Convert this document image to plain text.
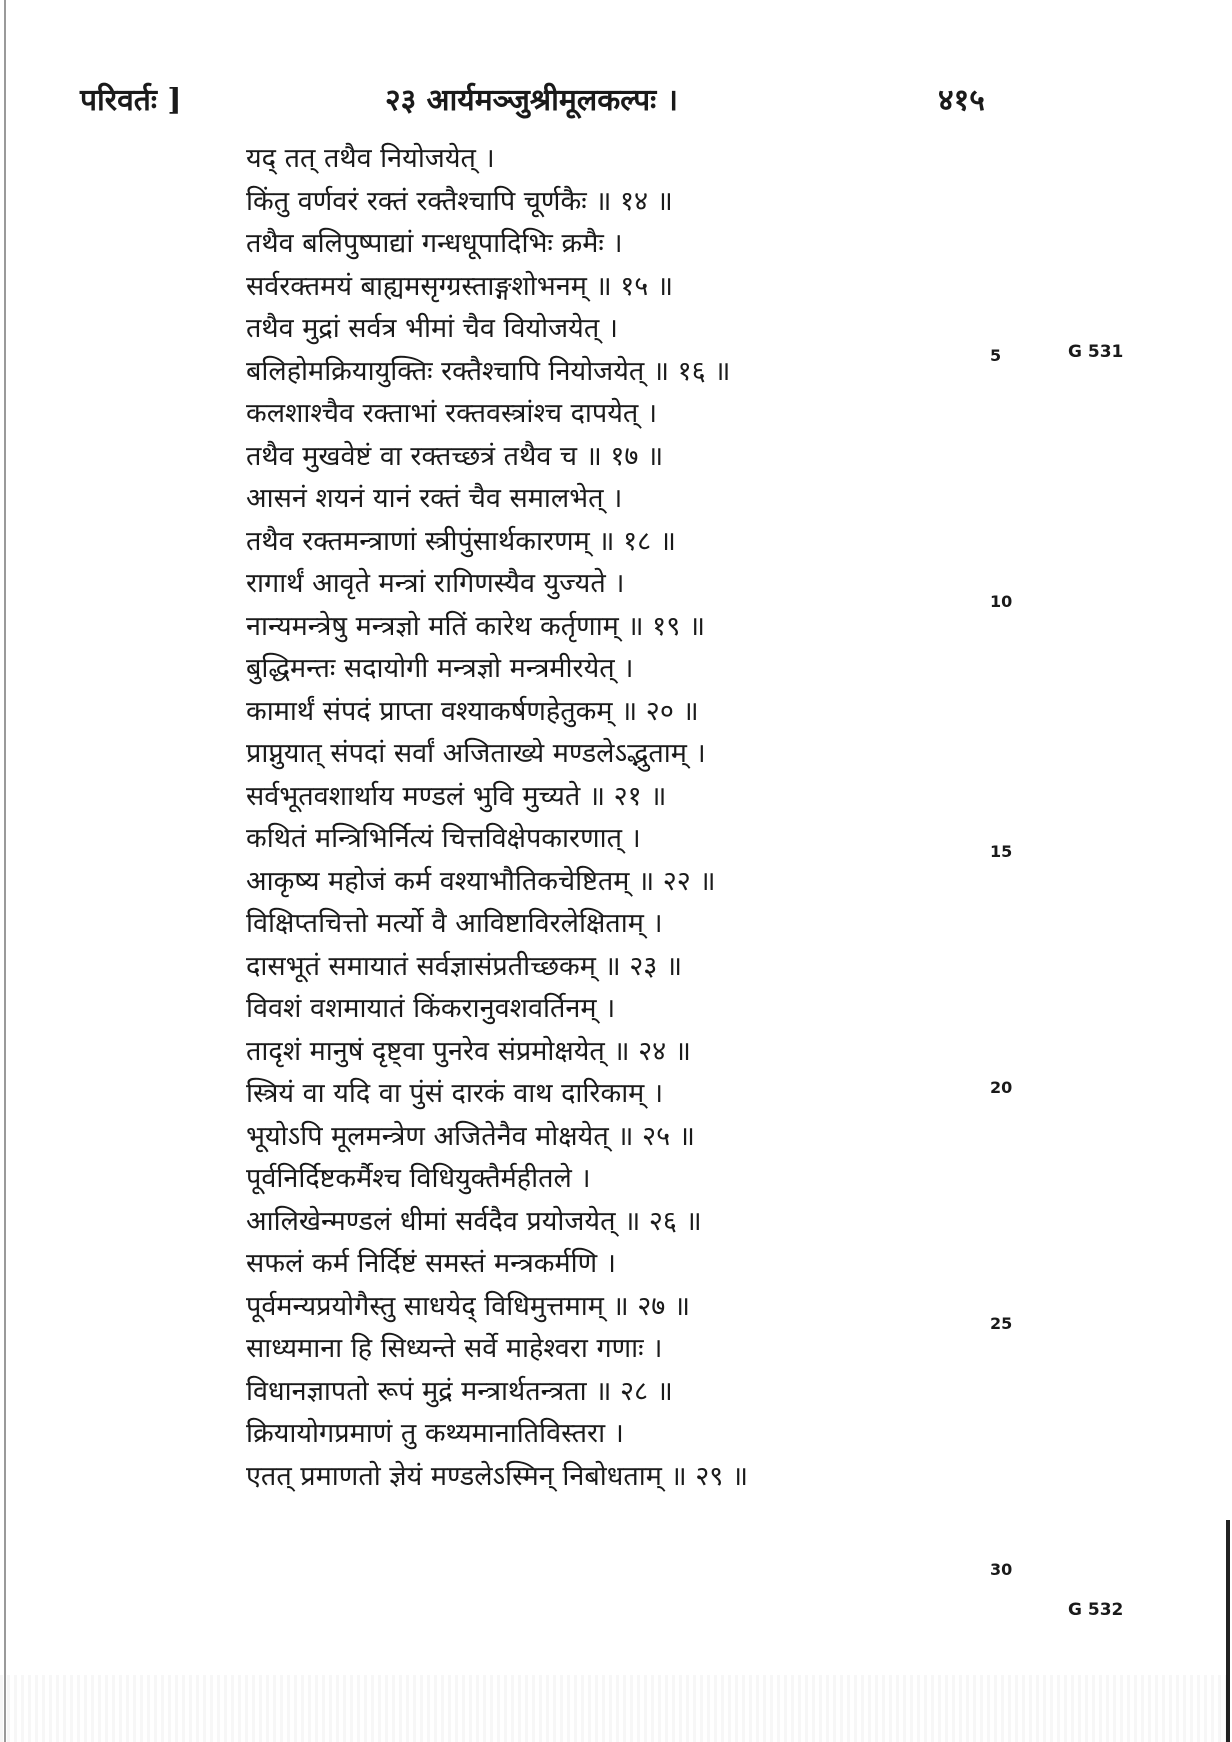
परिवर्तः ]	२३ आर्यमञ्जुश्रीमूलकल्पः ।	४१५
यद् तत् तथैव नियोजयेत् ।
किंतु वर्णवरं रक्तं रक्तैश्चापि चूर्णकैः ॥ १४ ॥
तथैव बलिपुष्पाद्यां गन्धधूपादिभिः क्रमैः ।
सर्वरक्तमयं बाह्यमसृग्ग्रस्ताङ्गशोभनम् ॥ १५ ॥
तथैव मुद्रां सर्वत्र भीमां चैव वियोजयेत् ।
बलिहोमक्रियायुक्तिः रक्तैश्चापि नियोजयेत् ॥ १६ ॥
कलशाश्चैव रक्ताभां रक्तवस्त्रांश्च दापयेत् ।
तथैव मुखवेष्टं वा रक्तच्छत्रं तथैव च ॥ १७ ॥
आसनं शयनं यानं रक्तं चैव समालभेत् ।
तथैव रक्तमन्त्राणां स्त्रीपुंसार्थकारणम् ॥ १८ ॥
रागार्थं आवृते मन्त्रां रागिणस्यैव युज्यते ।
नान्यमन्त्रेषु मन्त्रज्ञो मतिं कारेथ कर्तृणाम् ॥ १९ ॥
बुद्धिमन्तः सदायोगी मन्त्रज्ञो मन्त्रमीरयेत् ।
कामार्थं संपदं प्राप्ता वश्याकर्षणहेतुकम् ॥ २० ॥
प्राप्नुयात् संपदां सर्वां अजिताख्ये मण्डलेऽद्भुताम् ।
सर्वभूतवशार्थाय मण्डलं भुवि मुच्यते ॥ २१ ॥
कथितं मन्त्रिभिर्नित्यं चित्तविक्षेपकारणात् ।
आकृष्य महोजं कर्म वश्याभौतिकचेष्टितम् ॥ २२ ॥
विक्षिप्तचित्तो मर्त्यो वै आविष्टाविरलेक्षिताम् ।
दासभूतं समायातं सर्वज्ञासंप्रतीच्छकम् ॥ २३ ॥
विवशं वशमायातं किंकरानुवशवर्तिनम् ।
तादृशं मानुषं दृष्ट्वा पुनरेव संप्रमोक्षयेत् ॥ २४ ॥
स्त्रियं वा यदि वा पुंसं दारकं वाथ दारिकाम् ।
भूयोऽपि मूलमन्त्रेण अजितेनैव मोक्षयेत् ॥ २५ ॥
पूर्वनिर्दिष्टकर्मैश्च विधियुक्तैर्महीतले ।
आलिखेन्मण्डलं धीमां सर्वदैव प्रयोजयेत् ॥ २६ ॥
सफलं कर्म निर्दिष्टं समस्तं मन्त्रकर्मणि ।
पूर्वमन्यप्रयोगैस्तु साधयेद् विधिमुत्तमाम् ॥ २७ ॥
साध्यमाना हि सिध्यन्ते सर्वे माहेश्वरा गणाः ।
विधानज्ञापतो रूपं मुद्रं मन्त्रार्थतन्त्रता ॥ २८ ॥
क्रियायोगप्रमाणं तु कथ्यमानातिविस्तरा ।
एतत् प्रमाणतो ज्ञेयं मण्डलेऽस्मिन् निबोधताम् ॥ २९ ॥
5
10
15
20
25
30
G 531
G 532
